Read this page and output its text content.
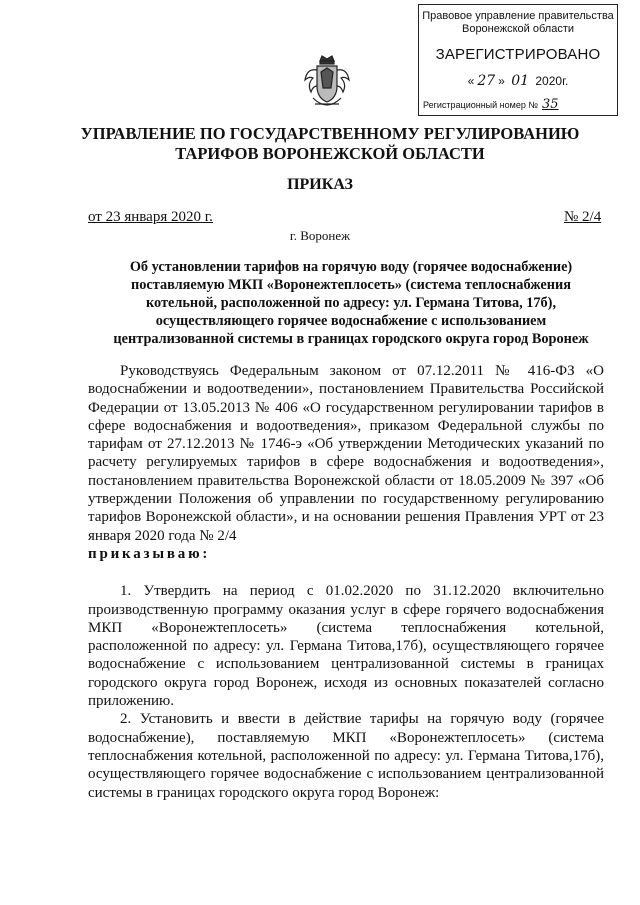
Правовое управление правительства
Воронежской области
ЗАРЕГИСТРИРОВАНО
« 27 » 01 2020г.
Регистрационный номер № 35
УПРАВЛЕНИЕ ПО ГОСУДАРСТВЕННОМУ РЕГУЛИРОВАНИЮ
ТАРИФОВ ВОРОНЕЖСКОЙ ОБЛАСТИ
ПРИКАЗ
от 23 января 2020 г.	№ 2/4
г. Воронеж
Об установлении тарифов на горячую воду (горячее водоснабжение)
поставляемую МКП «Воронежтеплосеть» (система теплоснабжения
котельной, расположенной по адресу: ул. Германа Титова, 17б),
осуществляющего горячее водоснабжение с использованием
централизованной системы в границах городского округа город Воронеж

Руководствуясь Федеральным законом от 07.12.2011 № 416-ФЗ «О водоснабжении и водоотведении», постановлением Правительства Российской Федерации от 13.05.2013 № 406 «О государственном регулировании тарифов в сфере водоснабжения и водоотведения», приказом Федеральной службы по тарифам от 27.12.2013 № 1746-э «Об утверждении Методических указаний по расчету регулируемых тарифов в сфере водоснабжения и водоотведения», постановлением правительства Воронежской области от 18.05.2009 № 397 «Об утверждении Положения об управлении по государственному регулированию тарифов Воронежской области», и на основании решения Правления УРТ от 23 января 2020 года № 2/4

приказываю:

1. Утвердить на период с 01.02.2020 по 31.12.2020 включительно производственную программу оказания услуг в сфере горячего водоснабжения МКП «Воронежтеплосеть» (система теплоснабжения котельной, расположенной по адресу: ул. Германа Титова,17б), осуществляющего горячее водоснабжение с использованием централизованной системы в границах городского округа город Воронеж, исходя из основных показателей согласно приложению.

2. Установить и ввести в действие тарифы на горячую воду (горячее водоснабжение), поставляемую МКП «Воронежтеплосеть» (система теплоснабжения котельной, расположенной по адресу: ул. Германа Титова,17б), осуществляющего горячее водоснабжение с использованием централизованной системы в границах городского округа город Воронеж:
